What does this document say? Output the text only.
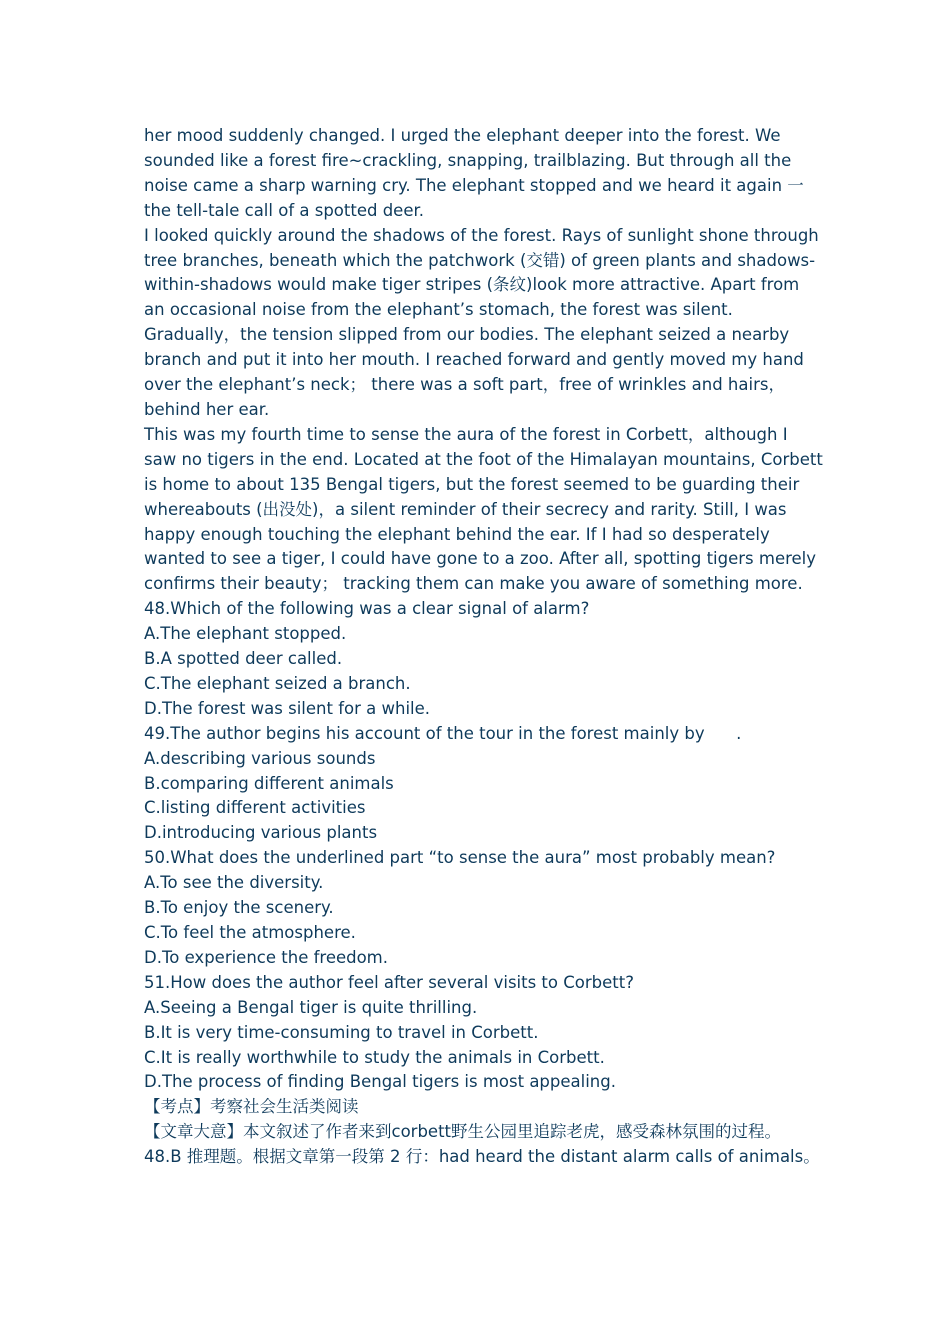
her mood suddenly changed. I urged the elephant deeper into the forest. We sounded like a forest fire~crackling, snapping, trailblazing. But through all the noise came a sharp warning cry. The elephant stopped and we heard it again 一 the tell-tale call of a spotted deer.

I looked quickly around the shadows of the forest. Rays of sunlight shone through tree branches, beneath which the patchwork (交错) of green plants and shadows-within-shadows would make tiger stripes (条纹)look more attractive. Apart from an occasional noise from the elephant’s stomach, the forest was silent.

Gradually，the tension slipped from our bodies. The elephant seized a nearby branch and put it into her mouth. I reached forward and gently moved my hand over the elephant’s neck； there was a soft part，free of wrinkles and hairs，behind her ear.

This was my fourth time to sense the aura of the forest in Corbett，although I saw no tigers in the end. Located at the foot of the Himalayan mountains, Corbett is home to about 135 Bengal tigers, but the forest seemed to be guarding their whereabouts (出没处)，a silent reminder of their secrecy and rarity. Still, I was happy enough touching the elephant behind the ear. If I had so desperately wanted to see a tiger, I could have gone to a zoo. After all, spotting tigers merely confirms their beauty； tracking them can make you aware of something more.

48.Which of the following was a clear signal of alarm?

A.The elephant stopped.

B.A spotted deer called.

C.The elephant seized a branch.

D.The forest was silent for a while.

49.The author begins his account of the tour in the forest mainly by      .

A.describing various sounds

B.comparing different animals

C.listing different activities

D.introducing various plants

50.What does the underlined part “to sense the aura” most probably mean?

A.To see the diversity.

B.To enjoy the scenery.

C.To feel the atmosphere.

D.To experience the freedom.

51.How does the author feel after several visits to Corbett?

A.Seeing a Bengal tiger is quite thrilling.

B.It is very time-consuming to travel in Corbett.

C.It is really worthwhile to study the animals in Corbett.

D.The process of finding Bengal tigers is most appealing.

【考点】考察社会生活类阅读

【文章大意】本文叙述了作者来到corbett野生公园里追踪老虎，感受森林氛围的过程。

48.B 推理题。根据文章第一段第 2 行：had heard the distant alarm calls of animals。
